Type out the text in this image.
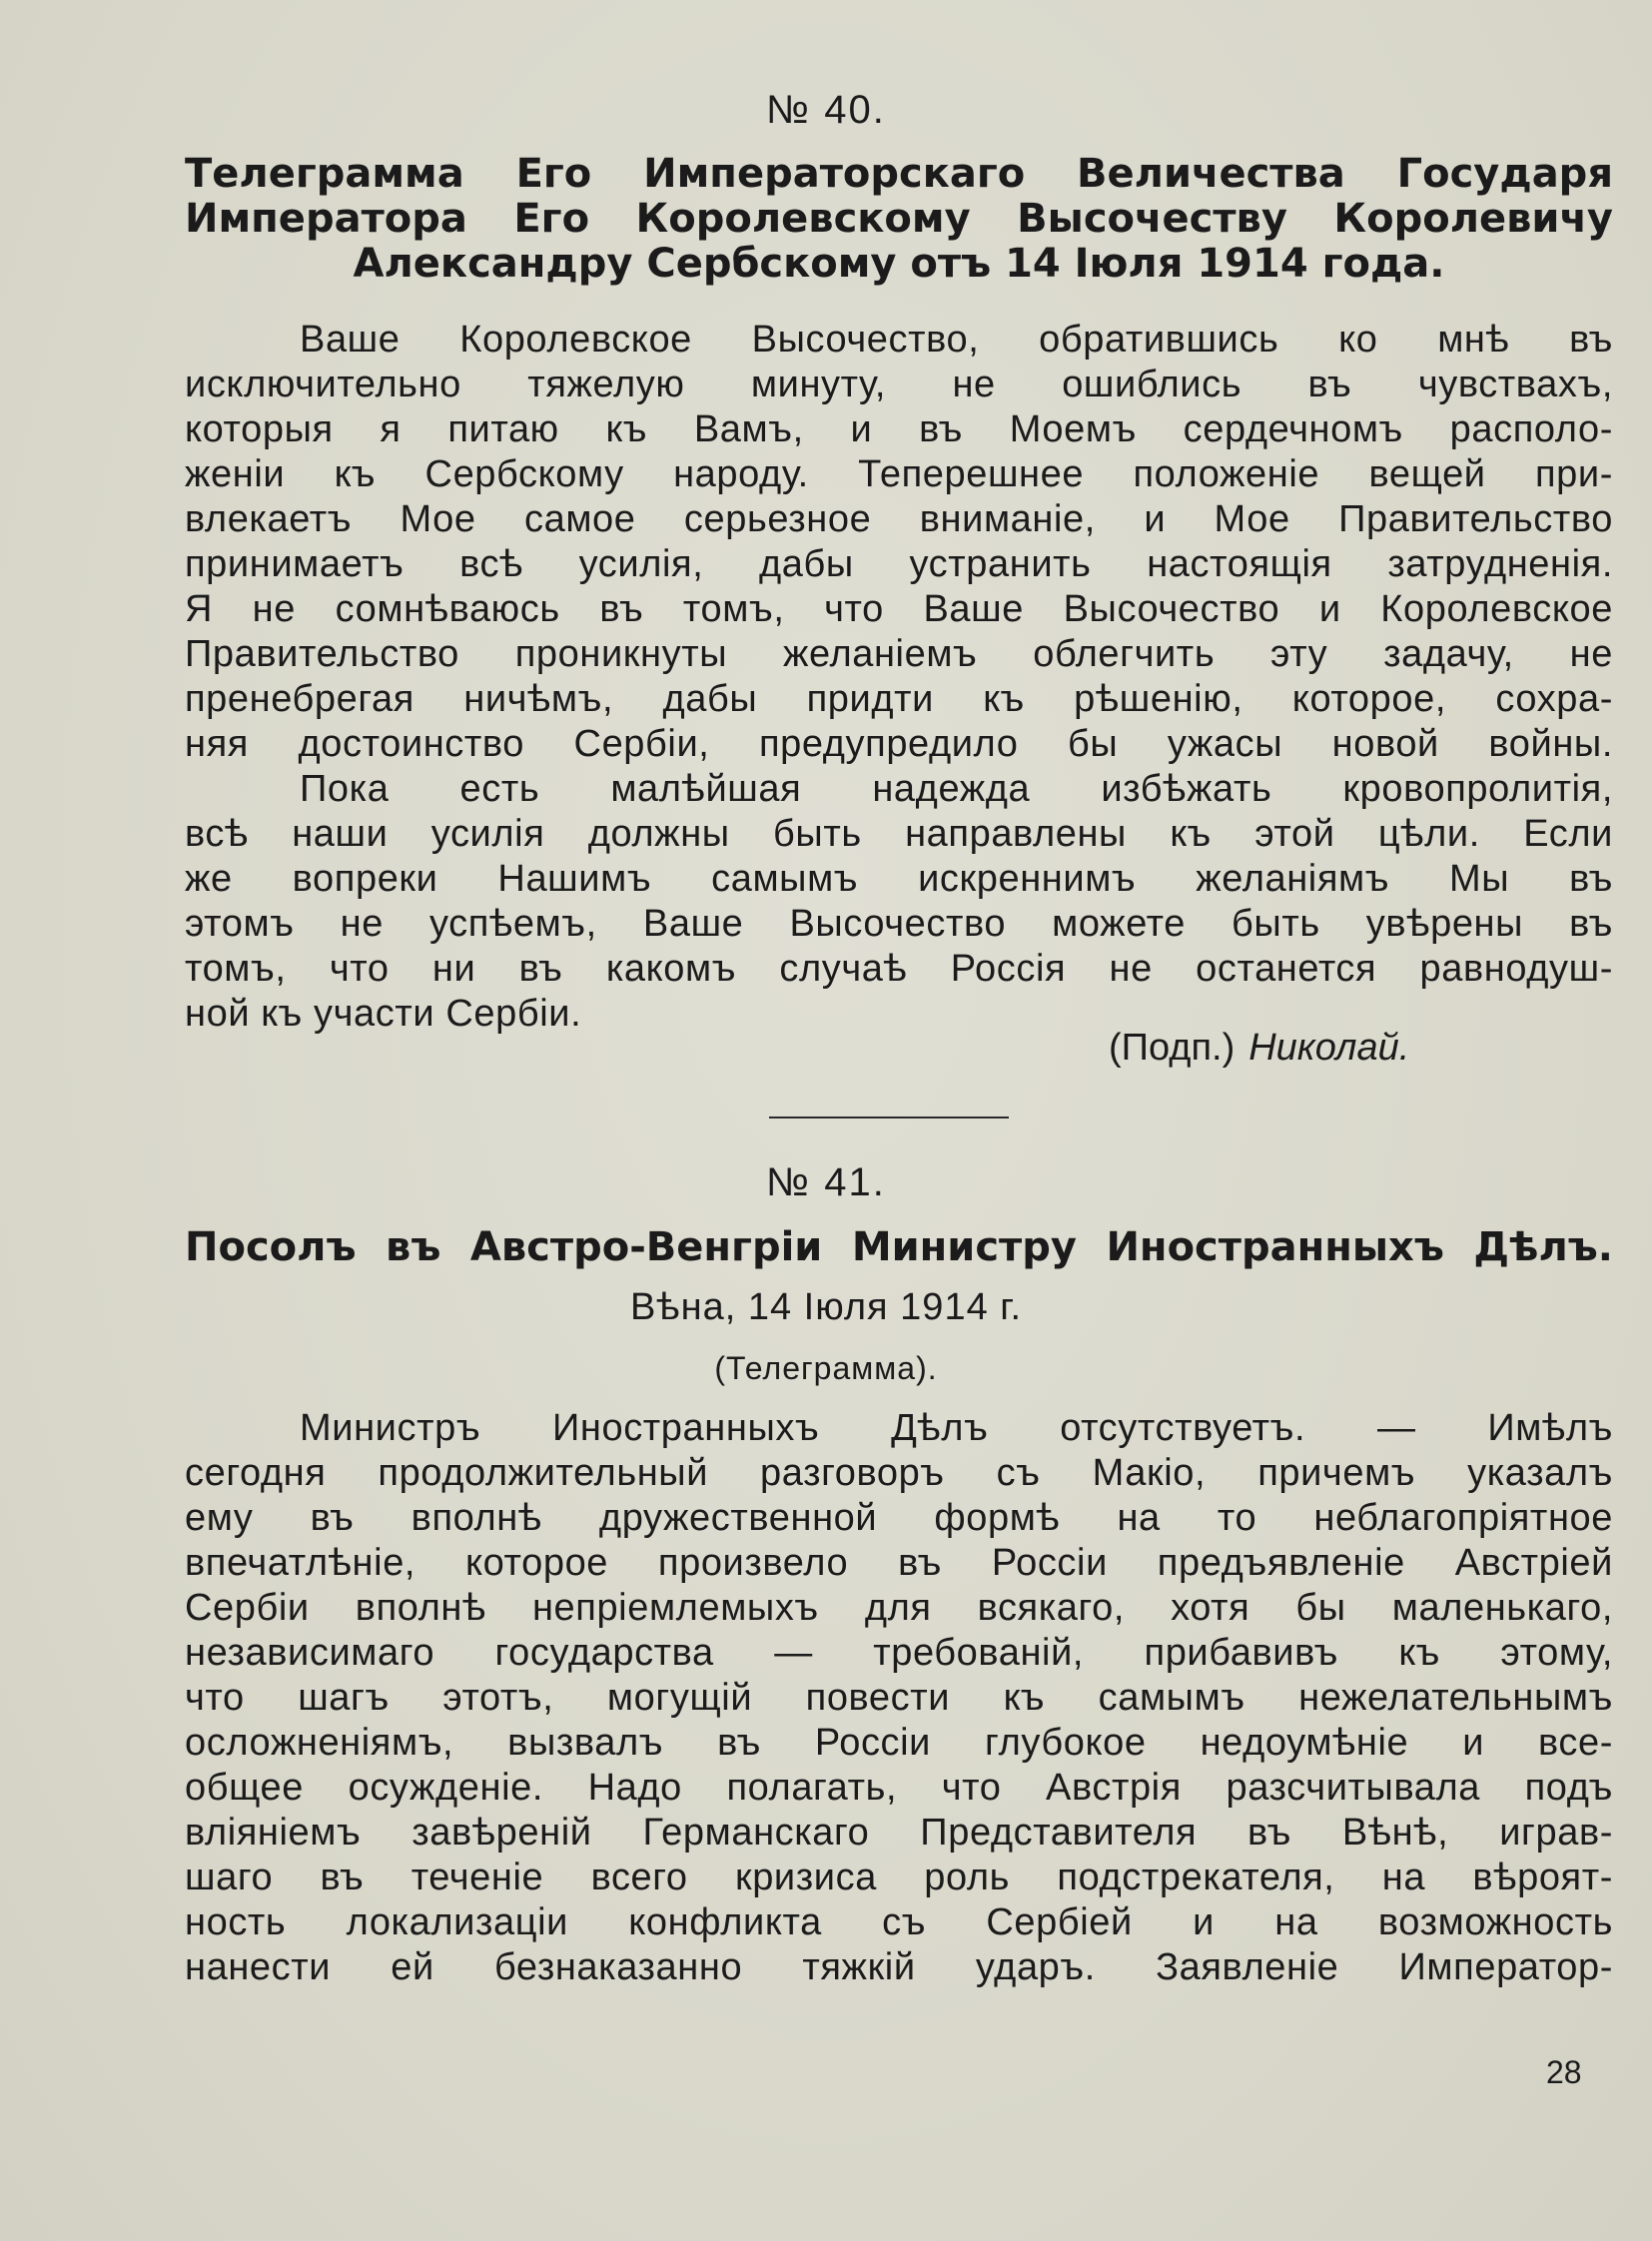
№ 40.
Телеграмма Его Императорскаго Величества Государя
Императора Его Королевскому Высочеству Королевичу
Александру Сербскому отъ 14 Іюля 1914 года.
Ваше Королевское Высочество, обратившись ко мнѣ въ
исключительно тяжелую минуту, не ошиблись въ чувствахъ,
которыя я питаю къ Вамъ, и въ Моемъ сердечномъ располо-
женіи къ Сербскому народу. Теперешнее положеніе вещей при-
влекаетъ Мое самое серьезное вниманіе, и Мое Правительство
принимаетъ всѣ усилія, дабы устранить настоящія затрудненія.
Я не сомнѣваюсь въ томъ, что Ваше Высочество и Королевское
Правительство проникнуты желаніемъ облегчить эту задачу, не
пренебрегая ничѣмъ, дабы придти къ рѣшенію, которое, сохра-
няя достоинство Сербіи, предупредило бы ужасы новой войны.
Пока есть малѣйшая надежда избѣжать кровопролитія,
всѣ наши усилія должны быть направлены къ этой цѣли. Если
же вопреки Нашимъ самымъ искреннимъ желаніямъ Мы въ
этомъ не успѣемъ, Ваше Высочество можете быть увѣрены въ
томъ, что ни въ какомъ случаѣ Россія не останется равнодуш-
ной къ участи Сербіи.
(Подп.) Николай.
№ 41.
Посолъ въ Австро-Венгріи Министру Иностранныхъ Дѣлъ.
Вѣна, 14 Іюля 1914 г.
(Телеграмма).
Министръ Иностранныхъ Дѣлъ отсутствуетъ. — Имѣлъ
сегодня продолжительный разговоръ съ Макіо, причемъ указалъ
ему въ вполнѣ дружественной формѣ на то неблагопріятное
впечатлѣніе, которое произвело въ Россіи предъявленіе Австріей
Сербіи вполнѣ непріемлемыхъ для всякаго, хотя бы маленькаго,
независимаго государства — требованій, прибавивъ къ этому,
что шагъ этотъ, могущій повести къ самымъ нежелательнымъ
осложненіямъ, вызвалъ въ Россіи глубокое недоумѣніе и все-
общее осужденіе. Надо полагать, что Австрія разсчитывала подъ
вліяніемъ завѣреній Германскаго Представителя въ Вѣнѣ, играв-
шаго въ теченіе всего кризиса роль подстрекателя, на вѣроят-
ность локализаціи конфликта съ Сербіей и на возможность
нанести ей безнаказанно тяжкій ударъ. Заявленіе Император-
28
